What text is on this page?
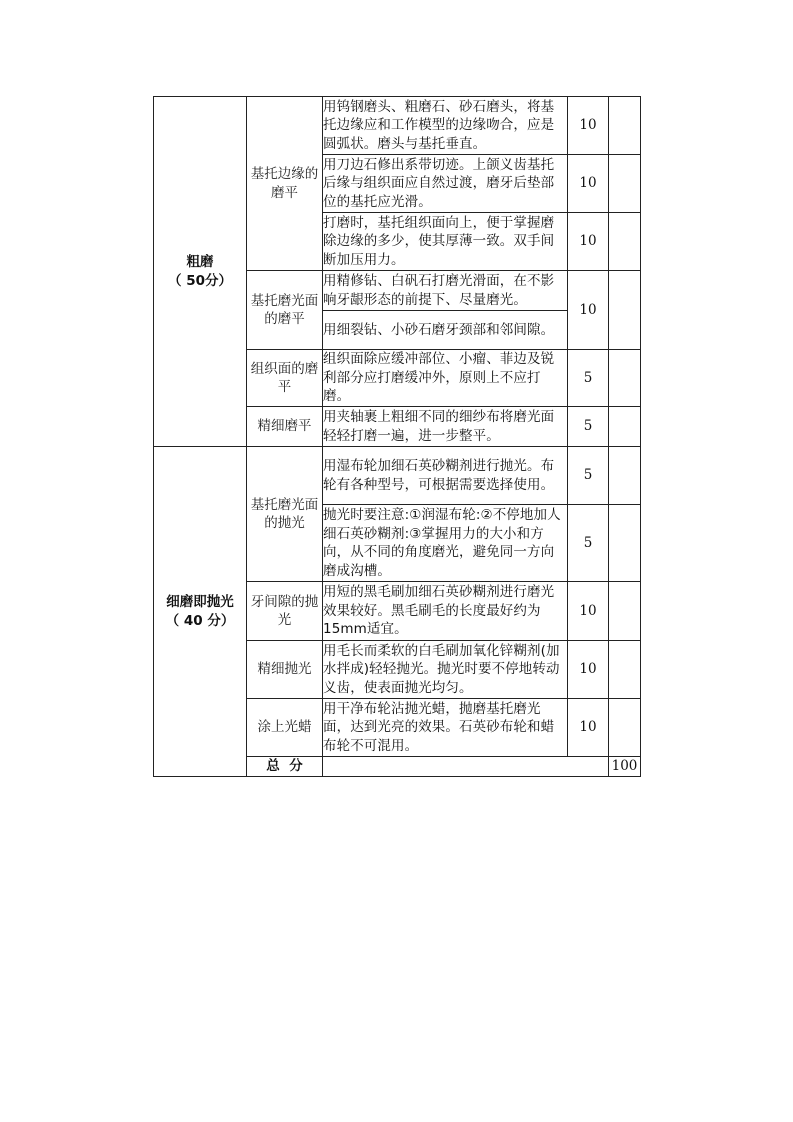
粗磨
（ 50分）	基托边缘的磨平	用钨钢磨头、粗磨石、砂石磨头，将基托边缘应和工作模型的边缘吻合，应是圆弧状。磨头与基托垂直。	10		
		用刀边石修出系带切迹。上颌义齿基托后缘与组织面应自然过渡，磨牙后垫部位的基托应光滑。	10		
		打磨时，基托组织面向上，便于掌握磨除边缘的多少，使其厚薄一致。双手间断加压用力。	10		
	基托磨光面的磨平	用精修钻、白矾石打磨光滑面，在不影响牙龈形态的前提下、尽量磨光。	10		
		用细裂钻、小砂石磨牙颈部和邻间隙。			
	组织面的磨平	组织面除应缓冲部位、小瘤、菲边及锐利部分应打磨缓冲外，原则上不应打磨。	5		
	精细磨平	用夹轴裹上粗细不同的细纱布将磨光面轻轻打磨一遍，进一步整平。	5		

细磨即抛光
（ 40 分）	基托磨光面的抛光	用湿布轮加细石英砂糊剂进行抛光。布轮有各种型号，可根据需要选择使用。	5		
		抛光时要注意:①润湿布轮:②不停地加人细石英砂糊剂:③掌握用力的大小和方向，从不同的角度磨光，避免同一方向磨成沟槽。	5		
	牙间隙的抛光	用短的黑毛刷加细石英砂糊剂进行磨光效果较好。黑毛刷毛的长度最好约为15mm适宜。	10		
	精细抛光	用毛长而柔软的白毛刷加氧化锌糊剂(加水拌成)轻轻抛光。抛光时要不停地转动义齿，使表面抛光均匀。	10		
	涂上光蜡	用干净布轮沾抛光蜡，抛磨基托磨光面，达到光亮的效果。石英砂布轮和蜡布轮不可混用。	10		
	总  分			100	
